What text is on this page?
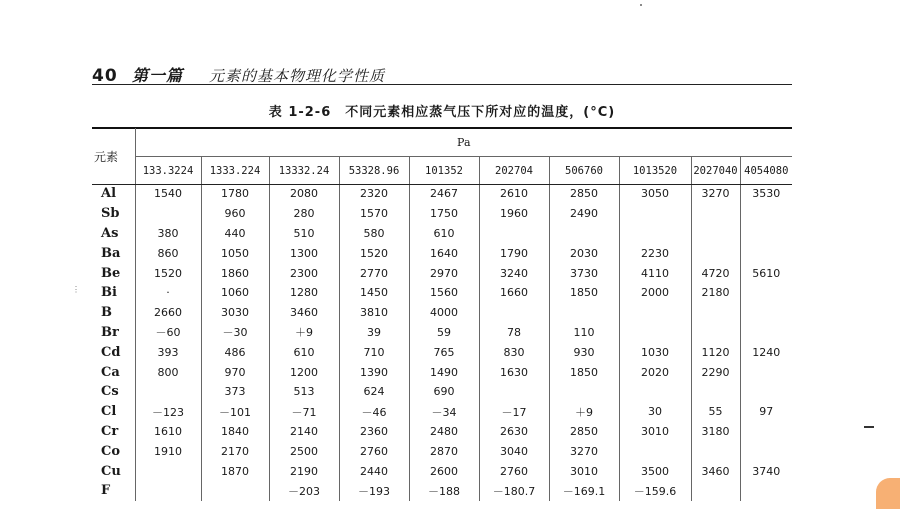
40 第一篇 元素的基本物理化学性质
表 1-2-6　不同元素相应蒸气压下所对应的温度，(°C)
元素	Pa									
	133.3224	1333.224	13332.24	53328.96	101352	202704	506760	1013520	2027040	4054080
Al	1540	1780	2080	2320	2467	2610	2850	3050	3270	3530
Sb		960	280	1570	1750	1960	2490			
As	380	440	510	580	610					
Ba	860	1050	1300	1520	1640	1790	2030	2230		
Be	1520	1860	2300	2770	2970	3240	3730	4110	4720	5610
Bi	·	1060	1280	1450	1560	1660	1850	2000	2180	
B	2660	3030	3460	3810	4000					
Br	－60	－30	＋9	39	59	78	110			
Cd	393	486	610	710	765	830	930	1030	1120	1240
Ca	800	970	1200	1390	1490	1630	1850	2020	2290	
Cs		373	513	624	690					
Cl	－123	－101	－71	－46	－34	－17	＋9	30	55	97
Cr	1610	1840	2140	2360	2480	2630	2850	3010	3180	
Co	1910	2170	2500	2760	2870	3040	3270			
Cu		1870	2190	2440	2600	2760	3010	3500	3460	3740
F			－203	－193	－188	－180.7	－169.1	－159.6		
⋮
